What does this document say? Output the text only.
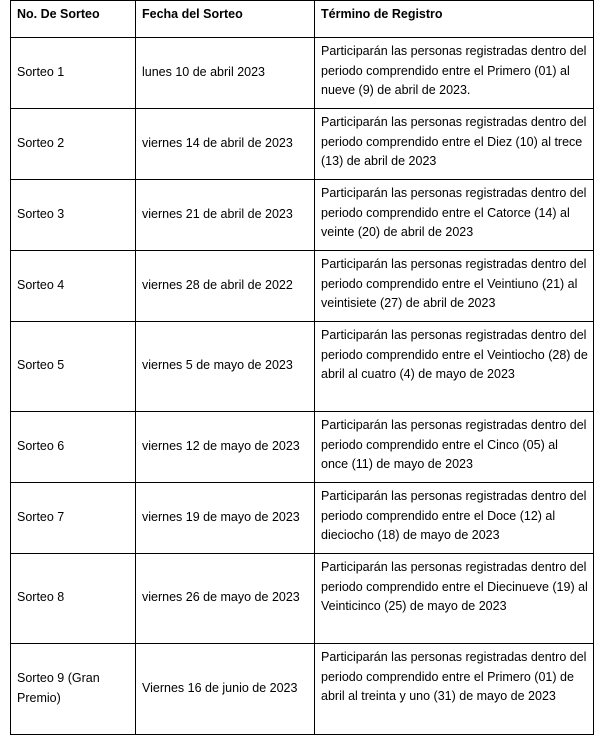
No. De Sorteo	Fecha del Sorteo	Término de Registro
Sorteo 1	lunes 10 de abril 2023	Participarán las personas registradas dentro del periodo comprendido entre el Primero (01) al nueve (9) de abril de 2023.
Sorteo 2	viernes 14 de abril de 2023	Participarán las personas registradas dentro del periodo comprendido entre el Diez (10) al trece (13) de abril de 2023
Sorteo 3	viernes 21 de abril de 2023	Participarán las personas registradas dentro del periodo comprendido entre el Catorce (14) al veinte (20) de abril de 2023
Sorteo 4	viernes 28 de abril de 2022	Participarán las personas registradas dentro del periodo comprendido entre el Veintiuno (21) al veintisiete (27) de abril de 2023
Sorteo 5	viernes 5 de mayo de 2023	Participarán las personas registradas dentro del periodo comprendido entre el Veintiocho (28) de abril al cuatro (4) de mayo de 2023
Sorteo 6	viernes 12 de mayo de 2023	Participarán las personas registradas dentro del periodo comprendido entre el Cinco (05) al once (11) de mayo de 2023
Sorteo 7	viernes 19 de mayo de 2023	Participarán las personas registradas dentro del periodo comprendido entre el Doce (12) al dieciocho (18) de mayo de 2023
Sorteo 8	viernes 26 de mayo de 2023	Participarán las personas registradas dentro del periodo comprendido entre el Diecinueve (19) al Veinticinco (25) de mayo de 2023
Sorteo 9 (Gran Premio)	Viernes 16 de junio de 2023	Participarán las personas registradas dentro del periodo comprendido entre el Primero (01) de abril al treinta y uno (31) de mayo de 2023
